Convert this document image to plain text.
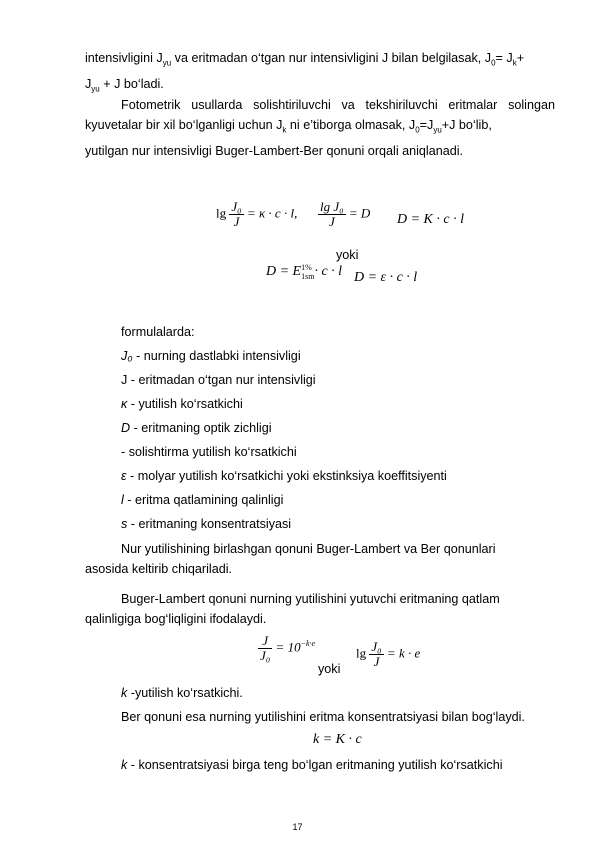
intensivligini $J_{yu}$ va eritmadan o‘tgan nur intensivligini J bilan belgilasak, $J_0= J_k+$
$J_{yu} + J$ bo‘ladi.

Fotometrik usullarda solishtiriluvchi va tekshiriluvchi eritmalar solingan kyuvetalar bir xil bo‘lganligi uchun $J_k$ ni e’tiborga olmasak, $J_0=J_{yu}+J$ bo‘lib,
yutilgan nur intensivligi Buger-Lambert-Ber qonuni orqali aniqlanadi.

$\lg \frac{\text{J₀}}{J} = \kappa \cdot c \cdot l$, $\frac{\text{lg J₀}}{J} = D$ D = K · c · l
yoki
D = E 1%
1sm · c · l D = ε · c · l
formulalarda:
J₀ - nurning dastlabki intensivligi
J - eritmadan o‘tgan nur intensivligi
κ - yutilish ko‘rsatkichi
D - eritmaning optik zichligi
- solishtirma yutilish ko‘rsatkichi
ε - molyar yutilish ko‘rsatkichi yoki ekstinksiya koeffitsiyenti
l - eritma qatlamining qalinligi
s - eritmaning konsentratsiyasi

Nur yutilishining birlashgan qonuni Buger-Lambert va Ber qonunlari
asosida keltirib chiqariladi.

Buger-Lambert qonuni nurning yutilishini yutuvchi eritmaning qatlam
qalinligiga bog‘liqligini ifodalaydi.

$\frac{J}{\text{J₀}} = 10^{-k\cdot e}$
yoki
$\lg \frac{\text{J₀}}{J} = k \cdot e$
k -yutilish ko‘rsatkichi.
Ber qonuni esa nurning yutilishini eritma konsentratsiyasi bilan bog‘laydi.
k = K · c
k - konsentratsiyasi birga teng bo‘lgan eritmaning yutilish ko‘rsatkichi
17
